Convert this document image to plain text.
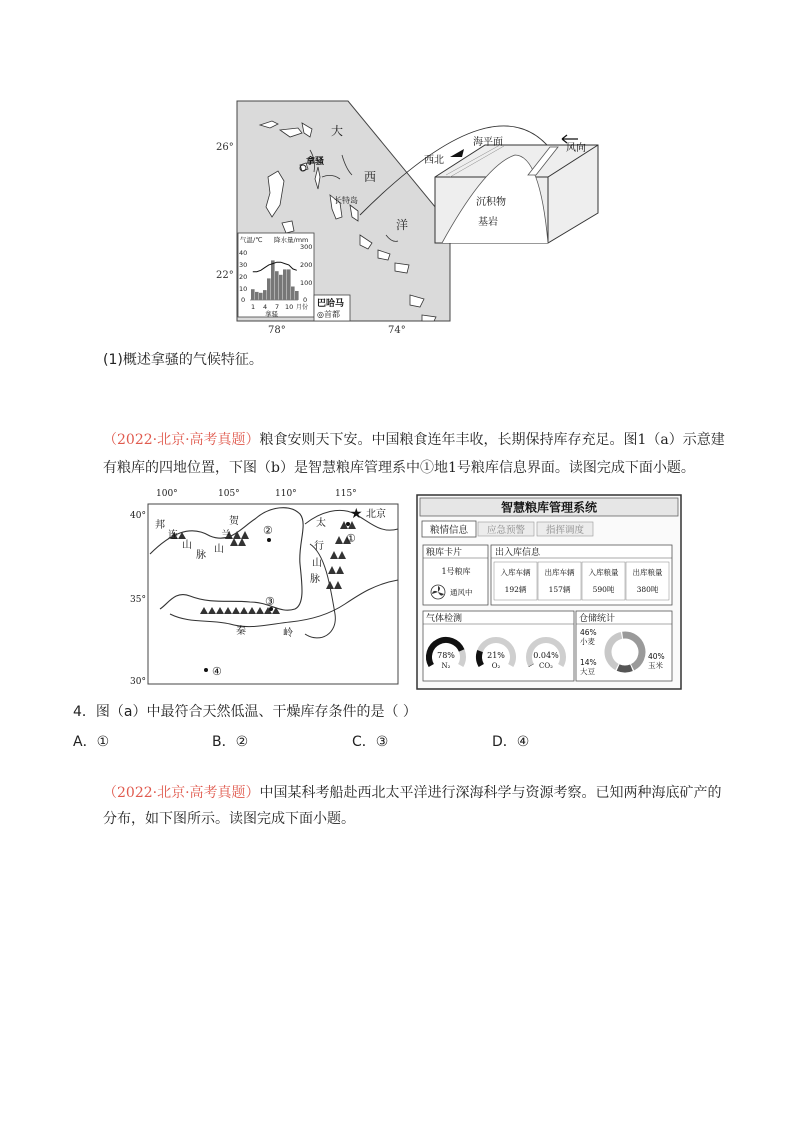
26°
22°
78°	74°
大
西
洋
拿骚
长特岛
气温/℃ 降水量/mm
40
30
20
10
0
300
200
100
0
1 4 7 10 月份
拿骚
巴哈马
◎首都
海平面
西北
风向
沉积物
基岩
(1)概述拿骚的气候特征。
（2022·北京·高考真题）粮食安则天下安。中国粮食连年丰收，长期保持库存充足。图1（a）示意建
有粮库的四地位置，下图（b）是智慧粮库管理系中①地1号粮库信息界面。读图完成下面小题。
100°	105°	110°	115°
40°
35°
30°
邦
连
山
脉
贺
兰
山
太
行
山
脉
秦	岭
★ 北京
①
②
③
④
智慧粮库管理系统
粮情信息 应急预警 指挥调度
粮库卡片
1号粮库
通风中
出入库信息
入库车辆 出库车辆 入库粮量 出库粮量
192辆	157辆	590吨	380吨
气体检测
78%
N₂
21%
O₂
0.04%
CO₂
仓储统计
46%
小麦
14%
大豆
40%
玉米
4．图（a）中最符合天然低温、干燥库存条件的是（ ）
A．①	B．②	C．③	D．④
（2022·北京·高考真题）中国某科考船赴西北太平洋进行深海科学与资源考察。已知两种海底矿产的
分布，如下图所示。读图完成下面小题。
